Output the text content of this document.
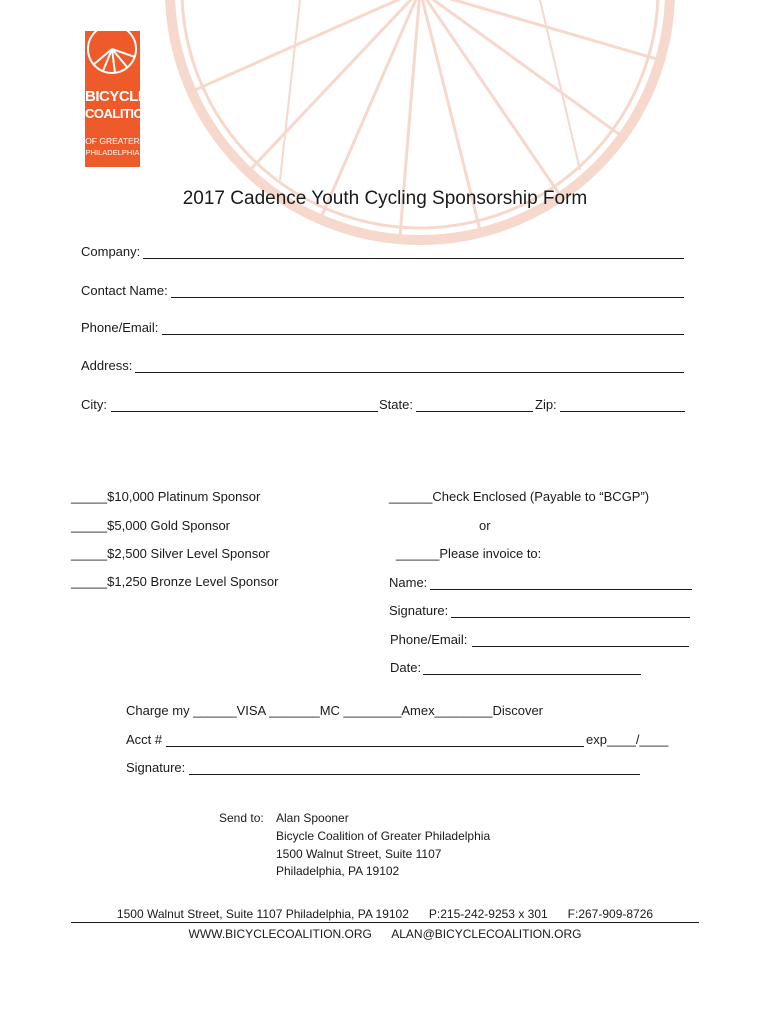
BICYCLE
COALITION
OF GREATER
PHILADELPHIA
2017 Cadence Youth Cycling Sponsorship Form
Company:
Contact Name:
Phone/Email:
Address:
City:	State:	Zip:
_____$10,000 Platinum Sponsor
_____$5,000 Gold Sponsor
_____$2,500 Silver Level Sponsor
_____$1,250 Bronze Level Sponsor
______Check Enclosed (Payable to “BCGP”)
or
______Please invoice to:
Name:
Signature:
Phone/Email:
Date:
Charge my ______VISA _______MC ________Amex________Discover
Acct #	exp____/____
Signature:
Send to: Alan Spooner
Bicycle Coalition of Greater Philadelphia
1500 Walnut Street, Suite 1107
Philadelphia, PA 19102
1500 Walnut Street, Suite 1107 Philadelphia, PA 19102      P:215-242-9253 x 301      F:267-909-8726
WWW.BICYCLECOALITION.ORG      ALAN@BICYCLECOALITION.ORG
